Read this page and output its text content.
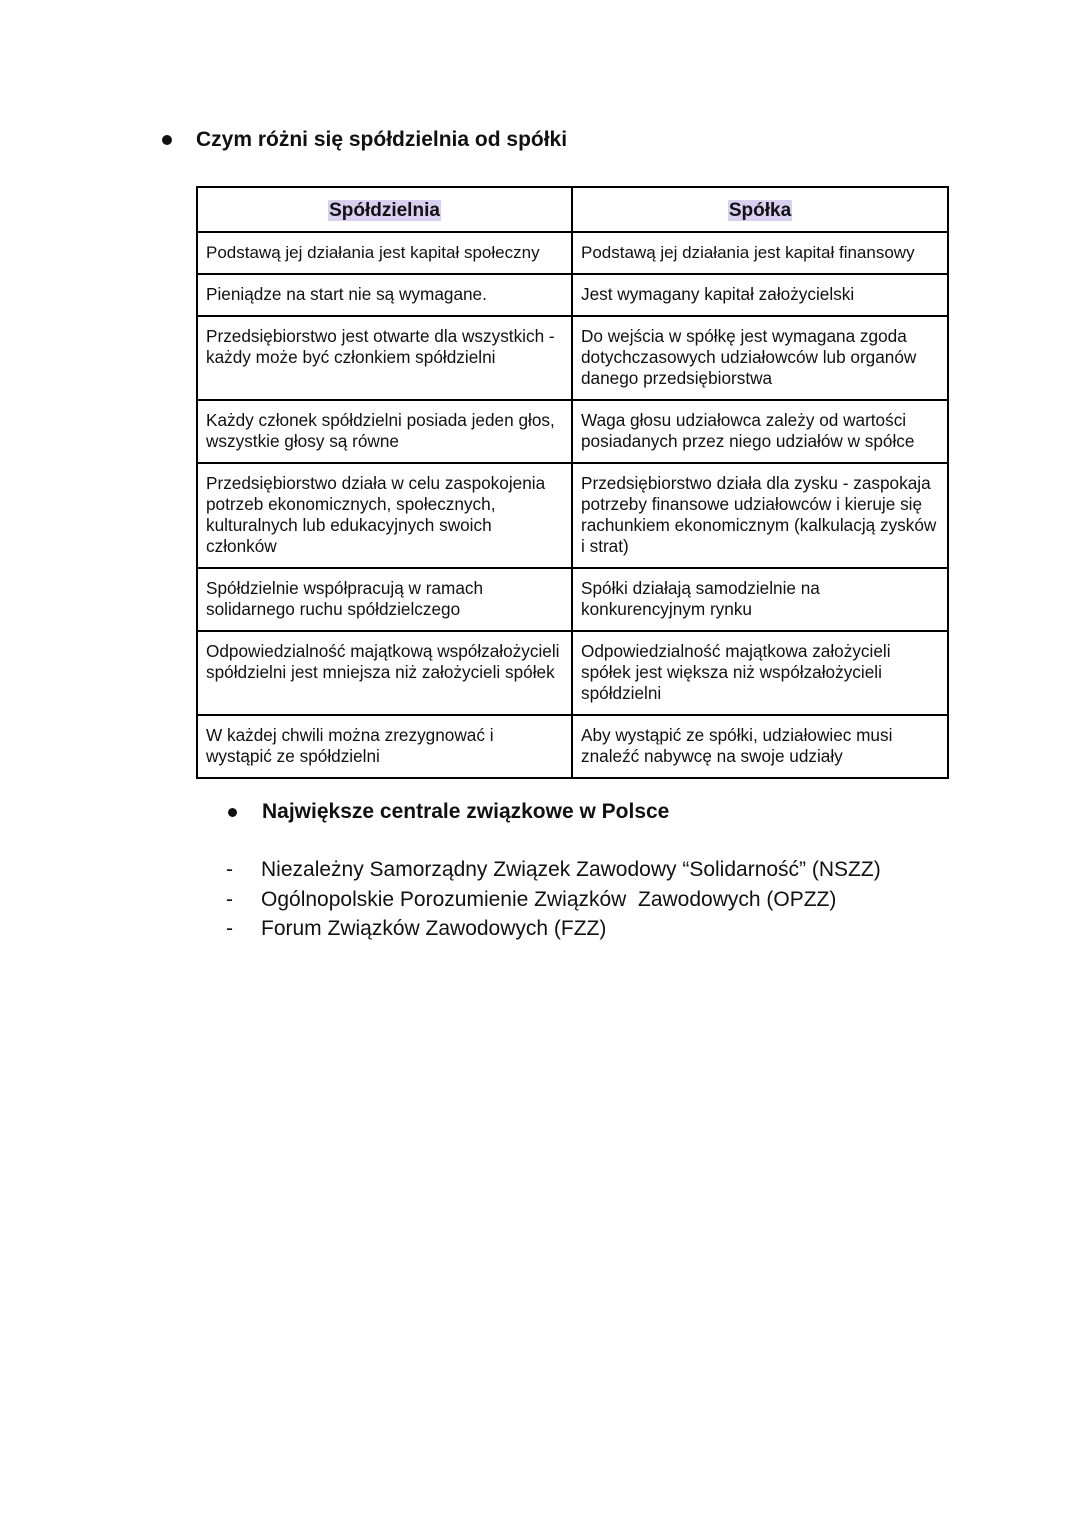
Czym różni się spółdzielnia od spółki
Spółdzielnia	Spółka
Podstawą jej działania jest kapitał społeczny	Podstawą jej działania jest kapitał finansowy
Pieniądze na start nie są wymagane.	Jest wymagany kapitał założycielski
Przedsiębiorstwo jest otwarte dla wszystkich - każdy może być członkiem spółdzielni	Do wejścia w spółkę jest wymagana zgoda dotychczasowych udziałowców lub organów danego przedsiębiorstwa
Każdy członek spółdzielni posiada jeden głos, wszystkie głosy są równe	Waga głosu udziałowca zależy od wartości posiadanych przez niego udziałów w spółce
Przedsiębiorstwo działa w celu zaspokojenia potrzeb ekonomicznych, społecznych, kulturalnych lub edukacyjnych swoich członków	Przedsiębiorstwo działa dla zysku - zaspokaja potrzeby finansowe udziałowców i kieruje się rachunkiem ekonomicznym (kalkulacją zysków i strat)
Spółdzielnie współpracują w ramach solidarnego ruchu spółdzielczego	Spółki działają samodzielnie na konkurencyjnym rynku
Odpowiedzialność majątkową współzałożycieli spółdzielni jest mniejsza niż założycieli spółek	Odpowiedzialność majątkowa założycieli spółek jest większa niż współzałożycieli spółdzielni
W każdej chwili można zrezygnować i wystąpić ze spółdzielni	Aby wystąpić ze spółki, udziałowiec musi znaleźć nabywcę na swoje udziały
Największe centrale związkowe w Polsce
-	Niezależny Samorządny Związek Zawodowy “Solidarność” (NSZZ)
-	Ogólnopolskie Porozumienie Związków  Zawodowych (OPZZ)
-	Forum Związków Zawodowych (FZZ)
